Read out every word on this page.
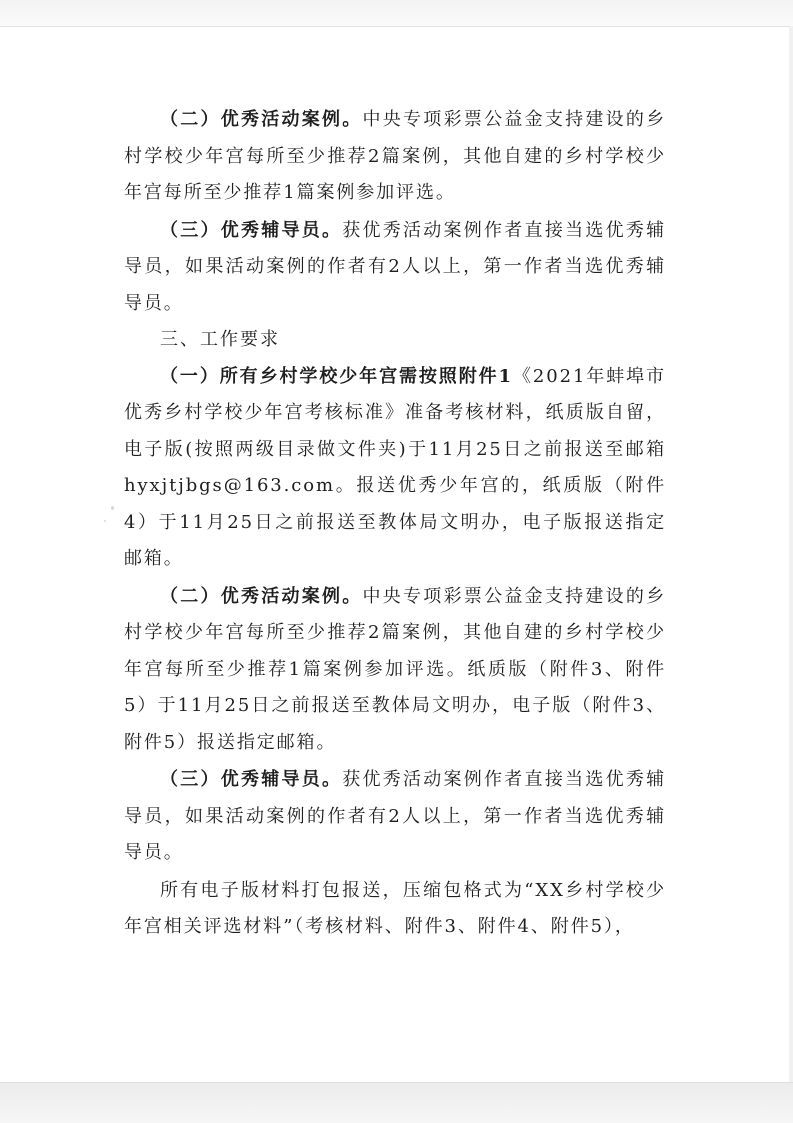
（二）优秀活动案例。中央专项彩票公益金支持建设的乡村学校少年宫每所至少推荐2篇案例，其他自建的乡村学校少年宫每所至少推荐1篇案例参加评选。

（三）优秀辅导员。获优秀活动案例作者直接当选优秀辅导员，如果活动案例的作者有2人以上，第一作者当选优秀辅导员。

三、工作要求

（一）所有乡村学校少年宫需按照附件1《2021年蚌埠市优秀乡村学校少年宫考核标准》准备考核材料，纸质版自留，电子版(按照两级目录做文件夹)于11月25日之前报送至邮箱hyxjtjbgs@163.com。报送优秀少年宫的，纸质版（附件4）于11月25日之前报送至教体局文明办，电子版报送指定邮箱。

（二）优秀活动案例。中央专项彩票公益金支持建设的乡村学校少年宫每所至少推荐2篇案例，其他自建的乡村学校少年宫每所至少推荐1篇案例参加评选。纸质版（附件3、附件5）于11月25日之前报送至教体局文明办，电子版（附件3、附件5）报送指定邮箱。

（三）优秀辅导员。获优秀活动案例作者直接当选优秀辅导员，如果活动案例的作者有2人以上，第一作者当选优秀辅导员。

所有电子版材料打包报送，压缩包格式为“XX乡村学校少年宫相关评选材料”（考核材料、附件3、附件4、附件5），
